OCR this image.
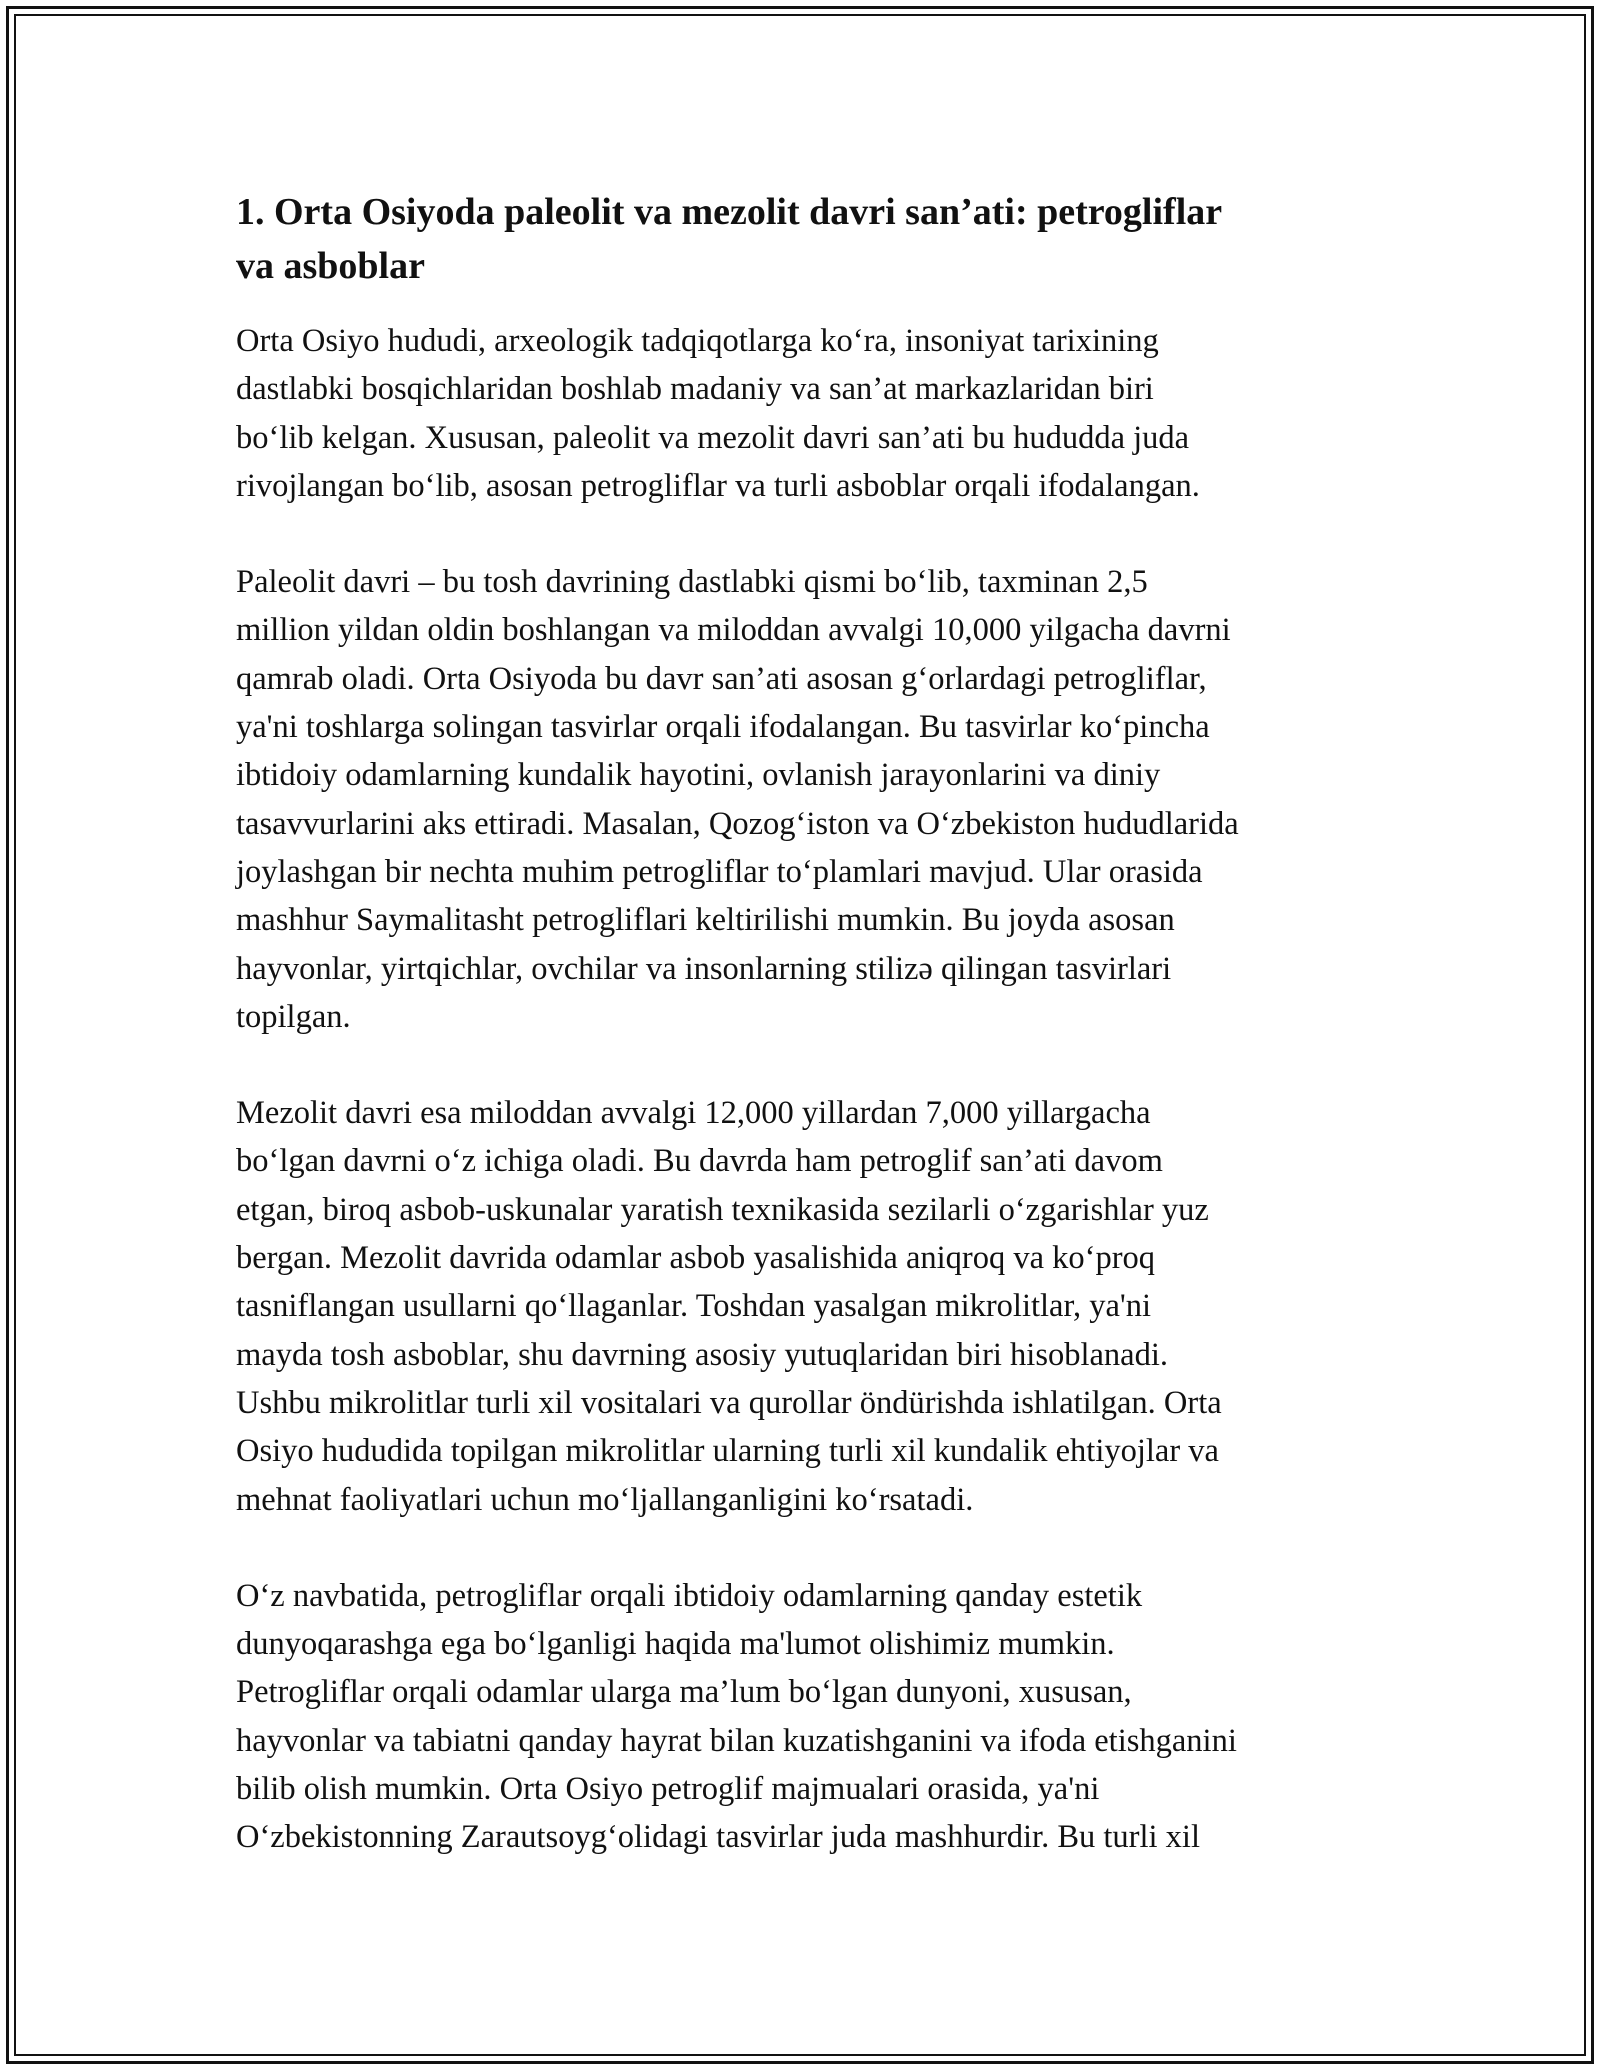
1. Orta Osiyoda paleolit va mezolit davri san’ati: petrogliflar
va asboblar

Orta Osiyo hududi, arxeologik tadqiqotlarga ko‘ra, insoniyat tarixining
dastlabki bosqichlaridan boshlab madaniy va san’at markazlaridan biri
bo‘lib kelgan. Xususan, paleolit va mezolit davri san’ati bu hududda juda
rivojlangan bo‘lib, asosan petrogliflar va turli asboblar orqali ifodalangan.

Paleolit davri – bu tosh davrining dastlabki qismi bo‘lib, taxminan 2,5
million yildan oldin boshlangan va miloddan avvalgi 10,000 yilgacha davrni
qamrab oladi. Orta Osiyoda bu davr san’ati asosan g‘orlardagi petrogliflar,
ya'ni toshlarga solingan tasvirlar orqali ifodalangan. Bu tasvirlar ko‘pincha
ibtidoiy odamlarning kundalik hayotini, ovlanish jarayonlarini va diniy
tasavvurlarini aks ettiradi. Masalan, Qozog‘iston va O‘zbekiston hududlarida
joylashgan bir nechta muhim petrogliflar to‘plamlari mavjud. Ular orasida
mashhur Saymalitasht petrogliflari keltirilishi mumkin. Bu joyda asosan
hayvonlar, yirtqichlar, ovchilar va insonlarning stilizə qilingan tasvirlari
topilgan.

Mezolit davri esa miloddan avvalgi 12,000 yillardan 7,000 yillargacha
bo‘lgan davrni o‘z ichiga oladi. Bu davrda ham petroglif san’ati davom
etgan, biroq asbob-uskunalar yaratish texnikasida sezilarli o‘zgarishlar yuz
bergan. Mezolit davrida odamlar asbob yasalishida aniqroq va ko‘proq
tasniflangan usullarni qo‘llaganlar. Toshdan yasalgan mikrolitlar, ya'ni
mayda tosh asboblar, shu davrning asosiy yutuqlaridan biri hisoblanadi.
Ushbu mikrolitlar turli xil vositalari va qurollar öndürishda ishlatilgan. Orta
Osiyo hududida topilgan mikrolitlar ularning turli xil kundalik ehtiyojlar va
mehnat faoliyatlari uchun mo‘ljallanganligini ko‘rsatadi.

O‘z navbatida, petrogliflar orqali ibtidoiy odamlarning qanday estetik
dunyoqarashga ega bo‘lganligi haqida ma'lumot olishimiz mumkin.
Petrogliflar orqali odamlar ularga ma’lum bo‘lgan dunyoni, xususan,
hayvonlar va tabiatni qanday hayrat bilan kuzatishganini va ifoda etishganini
bilib olish mumkin. Orta Osiyo petroglif majmualari orasida, ya'ni
O‘zbekistonning Zarautsoyg‘olidagi tasvirlar juda mashhurdir. Bu turli xil
